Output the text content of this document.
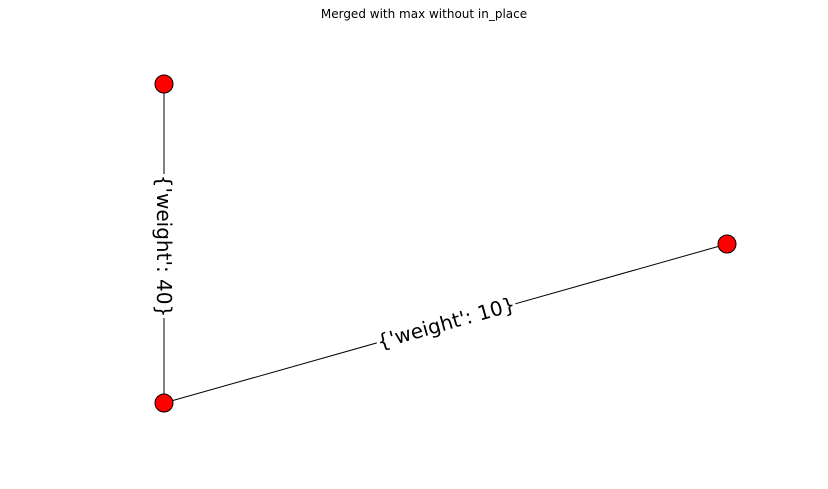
Merged with max without in_place
{'weight': 40}
{'weight': 10}
